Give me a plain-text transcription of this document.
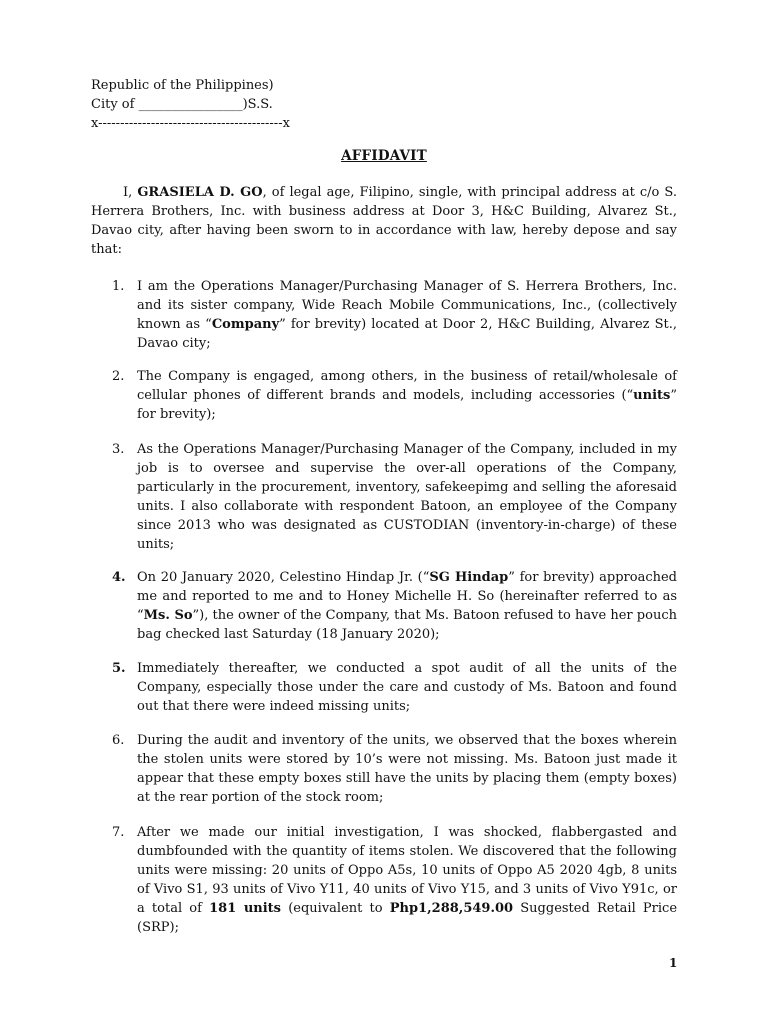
Republic of the Philippines)
City of ________________)S.S.
x------------------------------------------x
AFFIDAVIT

I, GRASIELA D. GO, of legal age, Filipino, single, with principal address at c/o S. Herrera Brothers, Inc. with business address at Door 3, H&C Building, Alvarez St., Davao city, after having been sworn to in accordance with law, hereby depose and say that:

1. I am the Operations Manager/Purchasing Manager of S. Herrera Brothers, Inc. and its sister company, Wide Reach Mobile Communications, Inc., (collectively known as “Company” for brevity) located at Door 2, H&C Building, Alvarez St., Davao city;
2. The Company is engaged, among others, in the business of retail/wholesale of cellular phones of different brands and models, including accessories (“units” for brevity);
3. As the Operations Manager/Purchasing Manager of the Company, included in my job is to oversee and supervise the over-all operations of the Company, particularly in the procurement, inventory, safekeepimg and selling the aforesaid units. I also collaborate with respondent Batoon, an employee of the Company since 2013 who was designated as CUSTODIAN (inventory-in-charge) of these units;
4. On 20 January 2020, Celestino Hindap Jr. (“SG Hindap” for brevity) approached me and reported to me and to Honey Michelle H. So (hereinafter referred to as “Ms. So”), the owner of the Company, that Ms. Batoon refused to have her pouch bag checked last Saturday (18 January 2020);
5. Immediately thereafter, we conducted a spot audit of all the units of the Company, especially those under the care and custody of Ms. Batoon and found out that there were indeed missing units;
6. During the audit and inventory of the units, we observed that the boxes wherein the stolen units were stored by 10’s were not missing. Ms. Batoon just made it appear that these empty boxes still have the units by placing them (empty boxes) at the rear portion of the stock room;
7. After we made our initial investigation, I was shocked, flabbergasted and dumbfounded with the quantity of items stolen. We discovered that the following units were missing: 20 units of Oppo A5s, 10 units of Oppo A5 2020 4gb, 8 units of Vivo S1, 93 units of Vivo Y11, 40 units of Vivo Y15, and 3 units of Vivo Y91c, or a total of 181 units (equivalent to Php1,288,549.00 Suggested Retail Price (SRP);
1
